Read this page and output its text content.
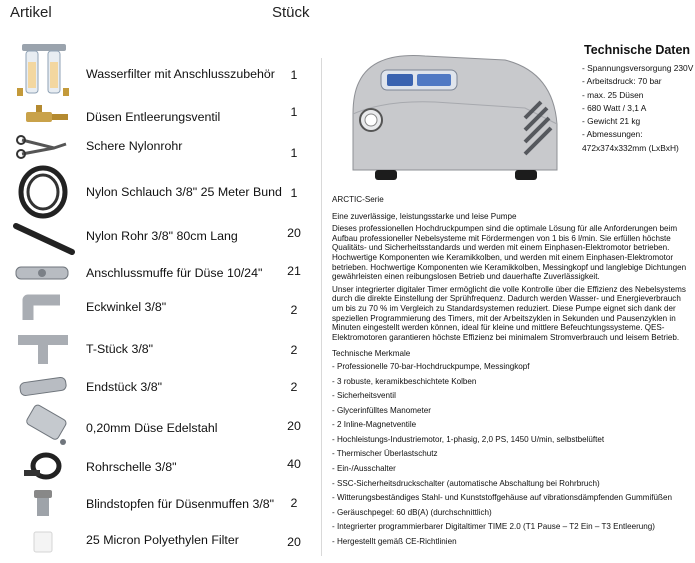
Artikel	Stück
Wasserfilter mit Anschlusszubehör	1
Düsen Entleerungsventil	1
Schere Nylonrohr	1
Nylon Schlauch 3/8" 25 Meter Bund 1
Nylon Rohr 3/8" 80cm Lang	20
Anschlussmuffe für Düse 10/24" 21
Eckwinkel 3/8"	2
T-Stück 3/8"	2
Endstück 3/8"	2
0,20mm Düse Edelstahl	20
Rohrschelle 3/8"	40
Blindstopfen für Düsenmuffen 3/8"	2
25 Micron Polyethylen Filter	20
Technische Daten
- Spannungsversorgung 230V
- Arbeitsdruck: 70 bar
- max. 25 Düsen
- 680 Watt / 3,1 A
- Gewicht 21 kg
- Abmessungen:
472x374x332mm (LxBxH)

ARCTIC-Serie

Eine zuverlässige, leistungsstarke und leise Pumpe

Dieses professionellen Hochdruckpumpen sind die optimale Lösung für alle Anforderungen beim Aufbau professioneller Nebelsysteme mit Fördermengen von 1 bis 6 l/min. Sie erfüllen höchste Qualitäts- und Sicherheitsstandards und werden mit einem Einphasen-Elektromotor betrieben. Hochwertige Komponenten wie Keramikkolben, und werden mit einem Einphasen-Elektromotor betrieben. Hochwertige Komponenten wie Keramikkolben, Messingkopf und langlebige Dichtungen gewährleisten einen reibungslosen Betrieb und dauerhafte Zuverlässigkeit.

Unser integrierter digitaler Timer ermöglicht die volle Kontrolle über die Effizienz des Nebelsystems durch die direkte Einstellung der Sprühfrequenz. Dadurch werden Wasser- und Energieverbrauch um bis zu 70 % im Vergleich zu Standardsystemen reduziert. Diese Pumpe eignet sich dank der speziellen Programmierung des Timers, mit der Arbeitszyklen in Sekunden und Pausenzyklen in Minuten eingestellt werden können, ideal für kleine und mittlere Befeuchtungssysteme. QES-Elektromotoren garantieren höchste Effizienz bei minimalem Stromverbrauch und leisem Betrieb.

Technische Merkmale

- Professionelle 70-bar-Hochdruckpumpe, Messingkopf
- 3 robuste, keramikbeschichtete Kolben
- Sicherheitsventil
- Glycerinfülltes Manometer
- 2 Inline-Magnetventile
- Hochleistungs-Industriemotor, 1-phasig, 2,0 PS, 1450 U/min, selbstbelüftet
- Thermischer Überlastschutz
- Ein-/Ausschalter
- SSC-Sicherheitsdruckschalter (automatische Abschaltung bei Rohrbruch)
- Witterungsbeständiges Stahl- und Kunststoffgehäuse auf vibrationsdämpfenden Gummifüßen
- Geräuschpegel: 60 dB(A) (durchschnittlich)
- Integrierter programmierbarer Digitaltimer TIME 2.0 (T1 Pause – T2 Ein – T3 Entleerung)
- Hergestellt gemäß CE-Richtlinien
